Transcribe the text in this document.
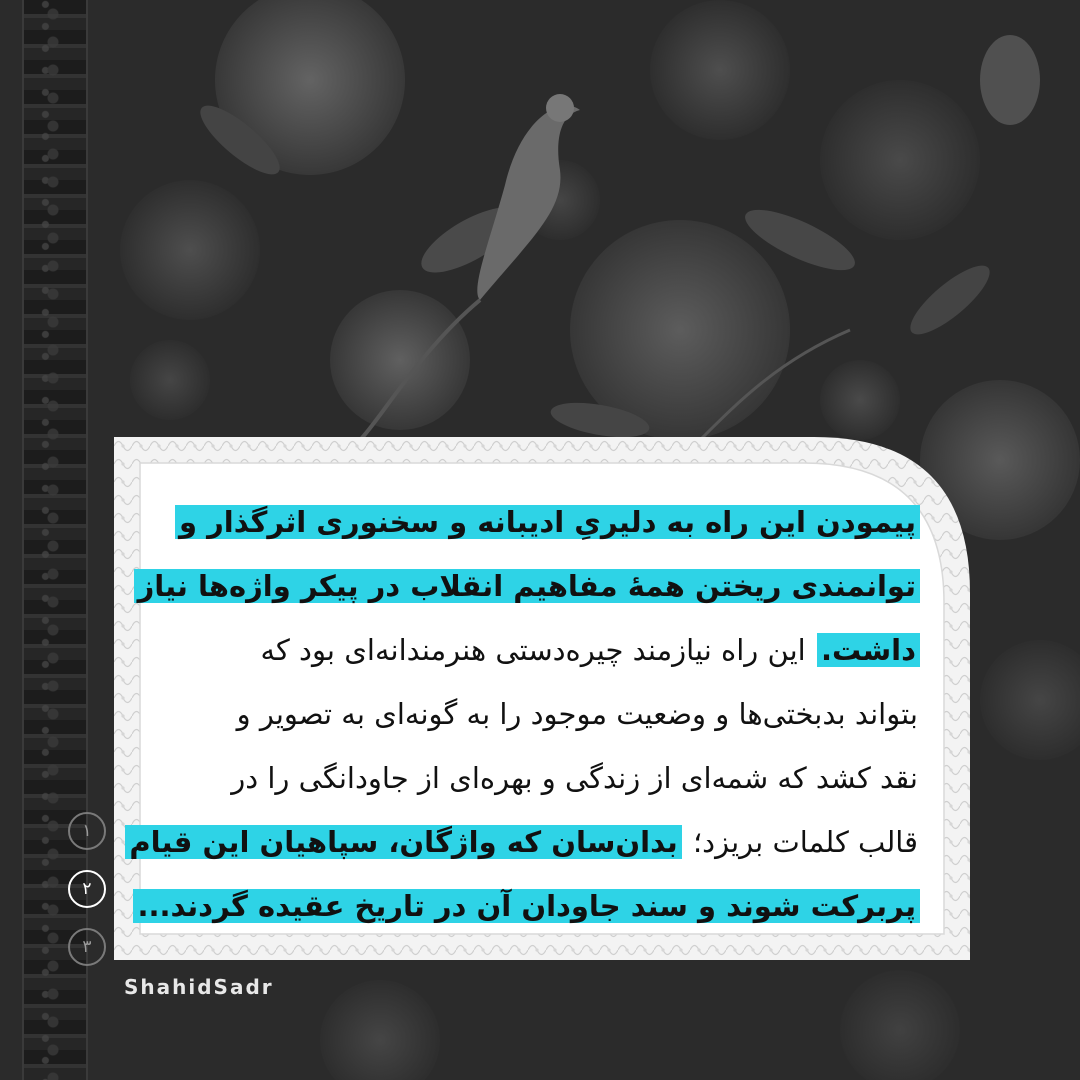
پیمودن این راه به دلیریِ ادیبانه و سخنوری اثرگذار و
توانمندی ریختن همهٔ مفاهیم انقلاب در پیکر واژه‌ها نیاز
داشت. این راه نیازمند چیره‌دستی هنرمندانه‌ای بود که
بتواند بدبختی‌ها و وضعیت موجود را به گونه‌ای به تصویر و
نقد کشد که شمه‌ای از زندگی و بهره‌ای از جاودانگی را در
قالب کلمات بریزد؛ بدان‌سان که واژگان، سپاهیان این قیام
پربرکت شوند و سند جاودان آن در تاریخ عقیده گردند...
۱
۲
۳
ShahidSadr
